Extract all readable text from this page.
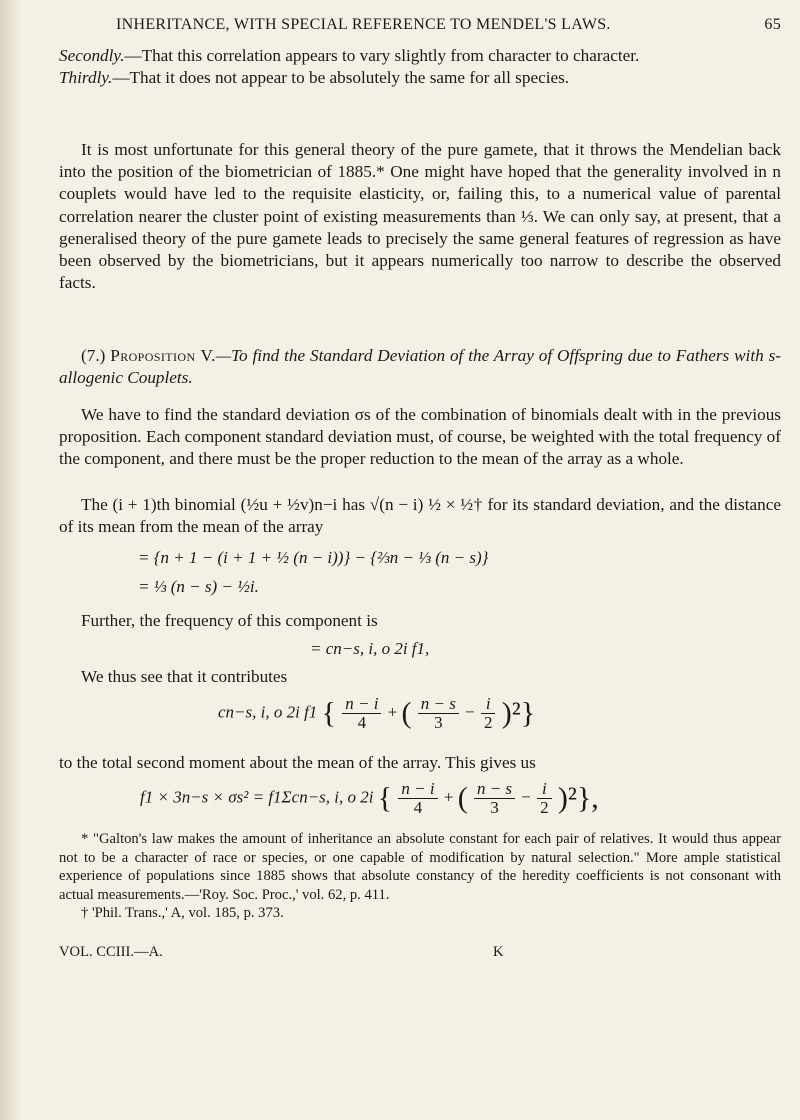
INHERITANCE, WITH SPECIAL REFERENCE TO MENDEL'S LAWS.	65

Secondly.—That this correlation appears to vary slightly from character to character.

Thirdly.—That it does not appear to be absolutely the same for all species.

It is most unfortunate for this general theory of the pure gamete, that it throws the Mendelian back into the position of the biometrician of 1885.* One might have hoped that the generality involved in n couplets would have led to the requisite elasticity, or, failing this, to a numerical value of parental correlation nearer the cluster point of existing measurements than ⅓. We can only say, at present, that a generalised theory of the pure gamete leads to precisely the same general features of regression as have been observed by the biometricians, but it appears numerically too narrow to describe the observed facts.

(7.) Proposition V.—To find the Standard Deviation of the Array of Offspring due to Fathers with s-allogenic Couplets.

We have to find the standard deviation σs of the combination of binomials dealt with in the previous proposition. Each component standard deviation must, of course, be weighted with the total frequency of the component, and there must be the proper reduction to the mean of the array as a whole.

The (i + 1)th binomial (½u + ½v)n−i has √(n − i) ½ × ½† for its standard deviation, and the distance of its mean from the mean of the array

= {n + 1 − (i + 1 + ½ (n − i))} − {⅔n − ⅓ (n − s)}
= ⅓ (n − s) − ½i.

Further, the frequency of this component is

= cn−s, i, o 2i f1,

We thus see that it contributes

cn−s, i, o 2i f1 { $\frac{n - i}{4}$ + ( $\frac{n - s}{3} - \frac{i}{2} )^2$}

to the total second moment about the mean of the array. This gives us

f1 × 3n−s × σs² = f1Σcn−s, i, o 2i { $\frac{n - i}{4}$ + ( $\frac{n - s}{3} - \frac{i}{2} )^2$},

* "Galton's law makes the amount of inheritance an absolute constant for each pair of relatives. It would thus appear not to be a character of race or species, or one capable of modification by natural selection." More ample statistical experience of populations since 1885 shows that absolute constancy of the heredity coefficients is not consonant with actual measurements.—'Roy. Soc. Proc.,' vol. 62, p. 411.

† 'Phil. Trans.,' A, vol. 185, p. 373.

VOL. CCIII.—A.	K
